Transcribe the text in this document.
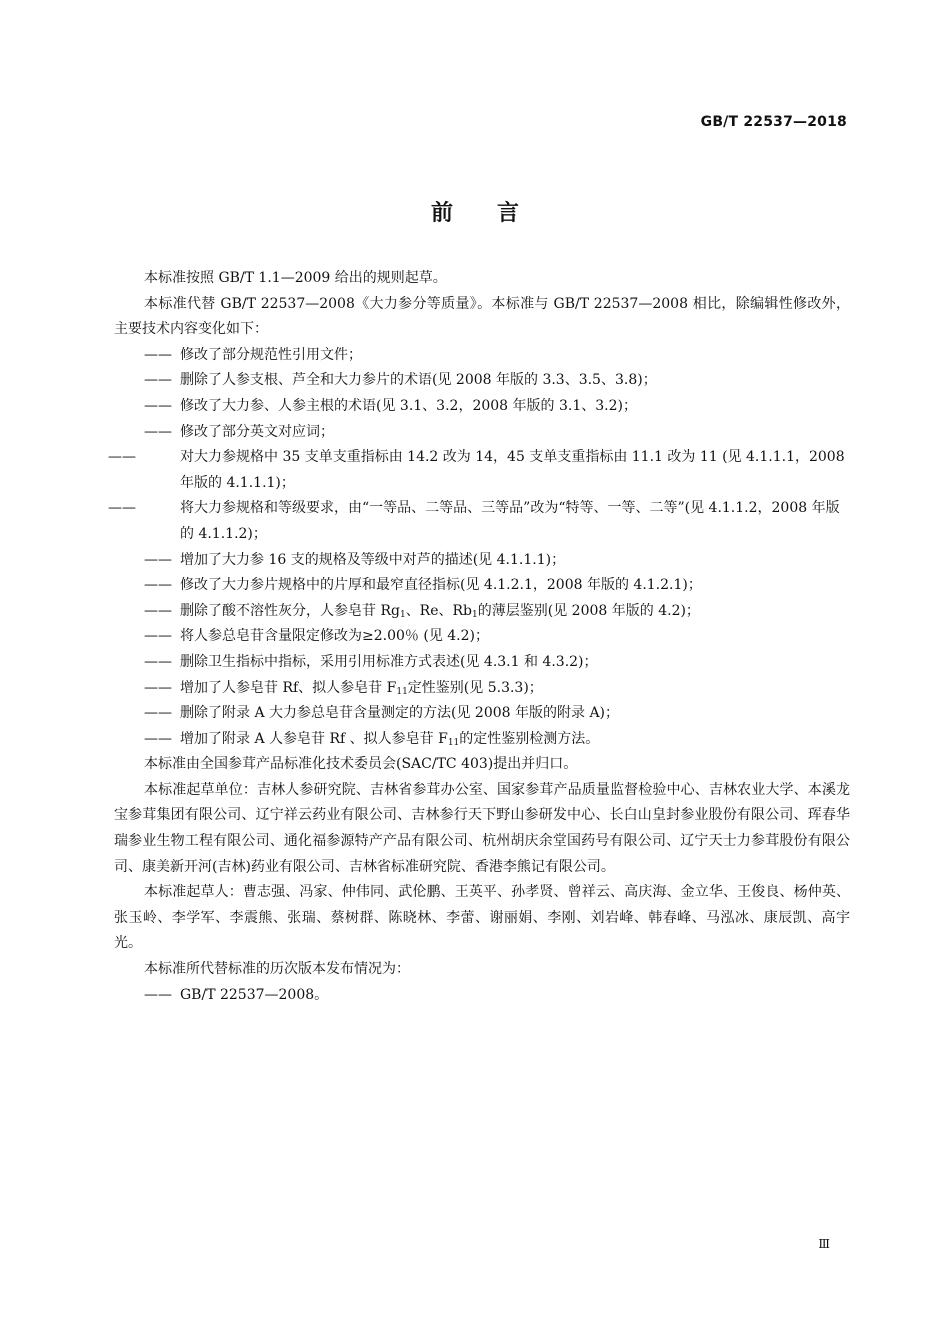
GB/T 22537—2018
前言

本标准按照 GB/T 1.1—2009 给出的规则起草。

本标准代替 GB/T 22537—2008《大力参分等质量》。本标准与 GB/T 22537—2008 相比，除编辑性修改外，主要技术内容变化如下：

—— 修改了部分规范性引用文件；

—— 删除了人参支根、芦全和大力参片的术语(见 2008 年版的 3.3、3.5、3.8)；

—— 修改了大力参、人参主根的术语(见 3.1、3.2，2008 年版的 3.1、3.2)；

—— 修改了部分英文对应词；

——	对大力参规格中 35 支单支重指标由 14.2 改为 14，45 支单支重指标由 11.1 改为 11 (见 4.1.1.1，2008 年版的 4.1.1.1)；

——	将大力参规格和等级要求，由“一等品、二等品、三等品”改为“特等、一等、二等”(见 4.1.1.2，2008 年版的 4.1.1.2)；

—— 增加了大力参 16 支的规格及等级中对芦的描述(见 4.1.1.1)；

—— 修改了大力参片规格中的片厚和最窄直径指标(见 4.1.2.1，2008 年版的 4.1.2.1)；

—— 删除了酸不溶性灰分，人参皂苷 $Rg_1$、Re、$Rb_1$的薄层鉴别(见 2008 年版的 4.2)；

—— 将人参总皂苷含量限定修改为≥2.00％ (见 4.2)；

—— 删除卫生指标中指标，采用引用标准方式表述(见 4.3.1 和 4.3.2)；

—— 增加了人参皂苷 Rf、拟人参皂苷 $F_{11}$定性鉴别(见 5.3.3)；

—— 删除了附录 A 大力参总皂苷含量测定的方法(见 2008 年版的附录 A)；

—— 增加了附录 A 人参皂苷 Rf 、拟人参皂苷 $F_{11}$的定性鉴别检测方法。

本标准由全国参茸产品标准化技术委员会(SAC/TC 403)提出并归口。

本标准起草单位：吉林人参研究院、吉林省参茸办公室、国家参茸产品质量监督检验中心、吉林农业大学、本溪龙宝参茸集团有限公司、辽宁祥云药业有限公司、吉林参行天下野山参研发中心、长白山皇封参业股份有限公司、珲春华瑞参业生物工程有限公司、通化福参源特产产品有限公司、杭州胡庆余堂国药号有限公司、辽宁天士力参茸股份有限公司、康美新开河(吉林)药业有限公司、吉林省标准研究院、香港李熊记有限公司。

本标准起草人：曹志强、冯家、仲伟同、武伦鹏、王英平、孙孝贤、曾祥云、高庆海、金立华、王俊良、杨仲英、张玉岭、李学军、李震熊、张瑞、蔡树群、陈晓林、李蕾、谢丽娟、李刚、刘岩峰、韩春峰、马泓冰、康辰凯、高宇光。

本标准所代替标准的历次版本发布情况为：

—— GB/T 22537—2008。

Ⅲ
